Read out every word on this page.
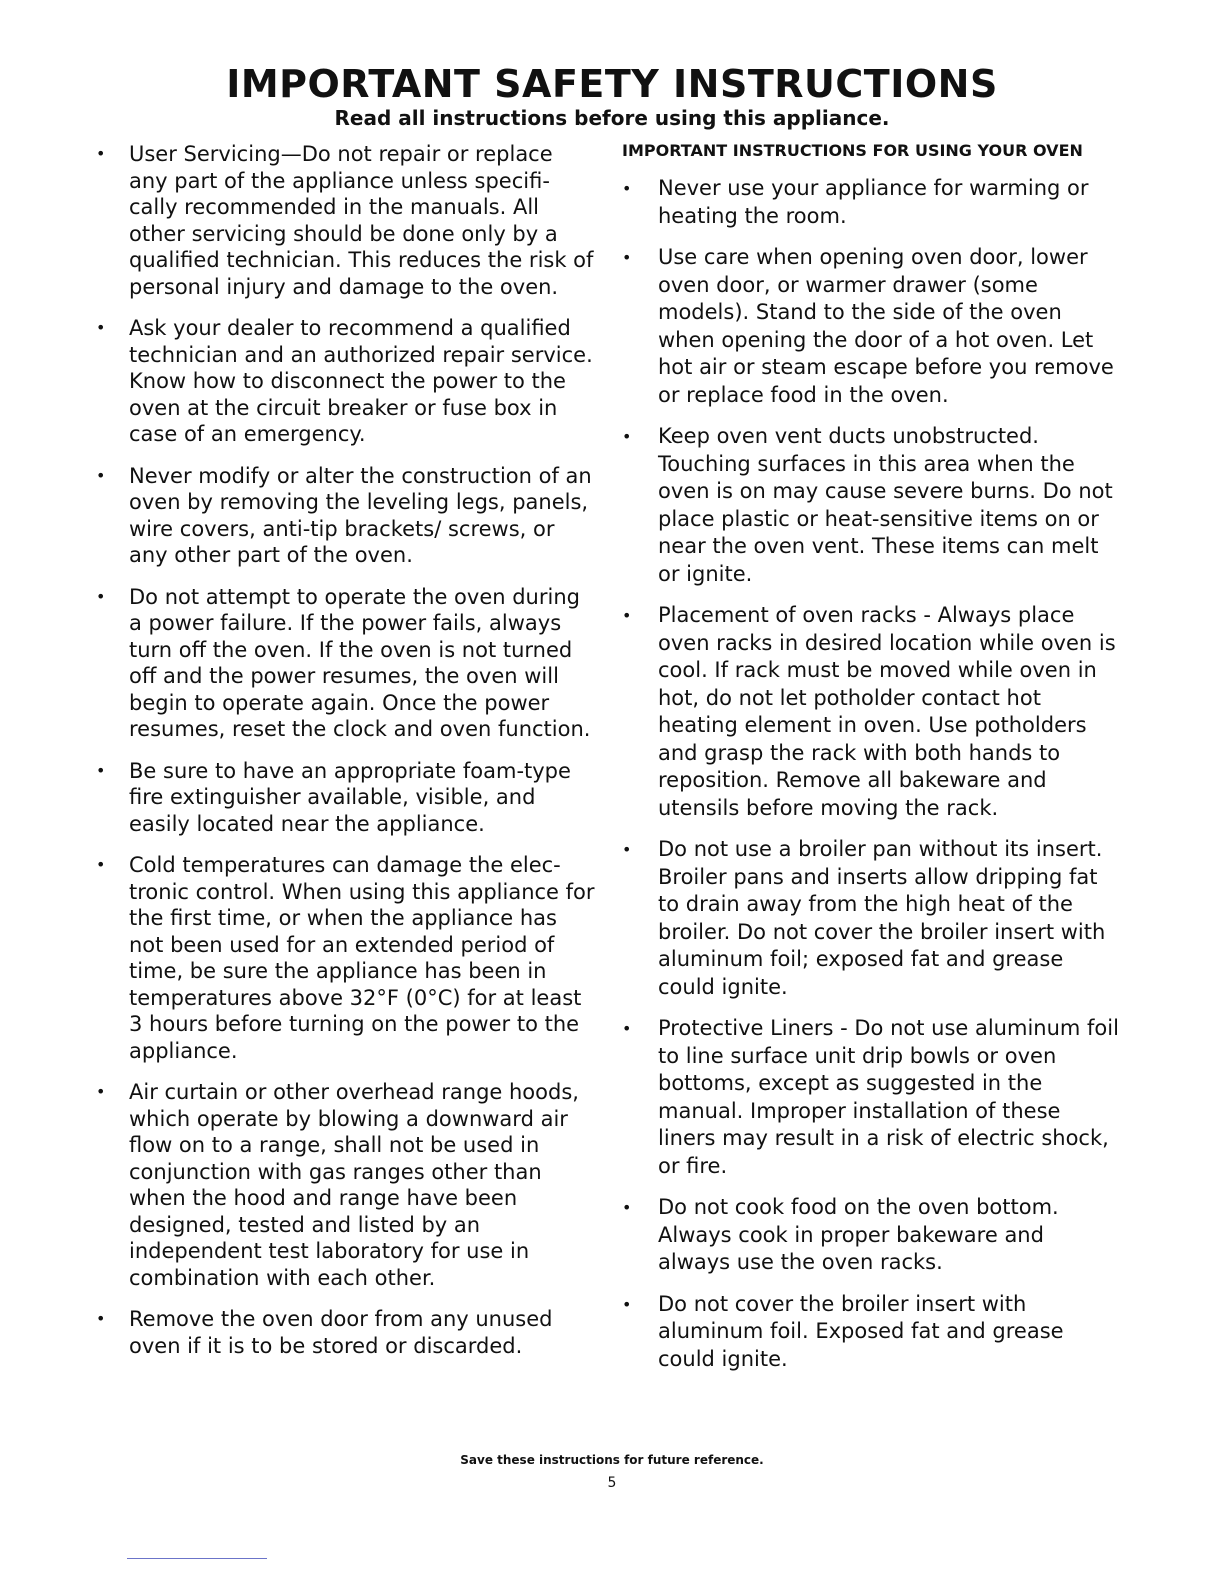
IMPORTANT SAFETY INSTRUCTIONS
Read all instructions before using this appliance.
• User Servicing—Do not repair or replace any part of the appliance unless specifi-cally recommended in the manuals. All other servicing should be done only by a qualified technician. This reduces the risk of personal injury and damage to the oven.
• Ask your dealer to recommend a qualified technician and an authorized repair service. Know how to disconnect the power to the oven at the circuit breaker or fuse box in case of an emergency.
• Never modify or alter the construction of an oven by removing the leveling legs, panels, wire covers, anti-tip brackets/ screws, or any other part of the oven.
• Do not attempt to operate the oven during a power failure. If the power fails, always turn off the oven. If the oven is not turned off and the power resumes, the oven will begin to operate again. Once the power resumes, reset the clock and oven function.
• Be sure to have an appropriate foam-type fire extinguisher available, visible, and easily located near the appliance.
• Cold temperatures can damage the elec-tronic control. When using this appliance for the first time, or when the appliance has not been used for an extended period of time, be sure the appliance has been in temperatures above 32°F (0°C) for at least 3 hours before turning on the power to the appliance.
• Air curtain or other overhead range hoods, which operate by blowing a downward air flow on to a range, shall not be used in conjunction with gas ranges other than when the hood and range have been designed, tested and listed by an independent test laboratory for use in combination with each other.
• Remove the oven door from any unused oven if it is to be stored or discarded.
IMPORTANT INSTRUCTIONS FOR USING YOUR OVEN
• Never use your appliance for warming or heating the room.
• Use care when opening oven door, lower oven door, or warmer drawer (some models). Stand to the side of the oven when opening the door of a hot oven. Let hot air or steam escape before you remove or replace food in the oven.
• Keep oven vent ducts unobstructed. Touching surfaces in this area when the oven is on may cause severe burns. Do not place plastic or heat-sensitive items on or near the oven vent. These items can melt or ignite.
• Placement of oven racks - Always place oven racks in desired location while oven is cool. If rack must be moved while oven in hot, do not let potholder contact hot heating element in oven. Use potholders and grasp the rack with both hands to reposition. Remove all bakeware and utensils before moving the rack.
• Do not use a broiler pan without its insert. Broiler pans and inserts allow dripping fat to drain away from the high heat of the broiler. Do not cover the broiler insert with aluminum foil; exposed fat and grease could ignite.
• Protective Liners - Do not use aluminum foil to line surface unit drip bowls or oven bottoms, except as suggested in the manual. Improper installation of these liners may result in a risk of electric shock, or fire.
• Do not cook food on the oven bottom. Always cook in proper bakeware and always use the oven racks.
• Do not cover the broiler insert with aluminum foil. Exposed fat and grease could ignite.
Save these instructions for future reference.
5
